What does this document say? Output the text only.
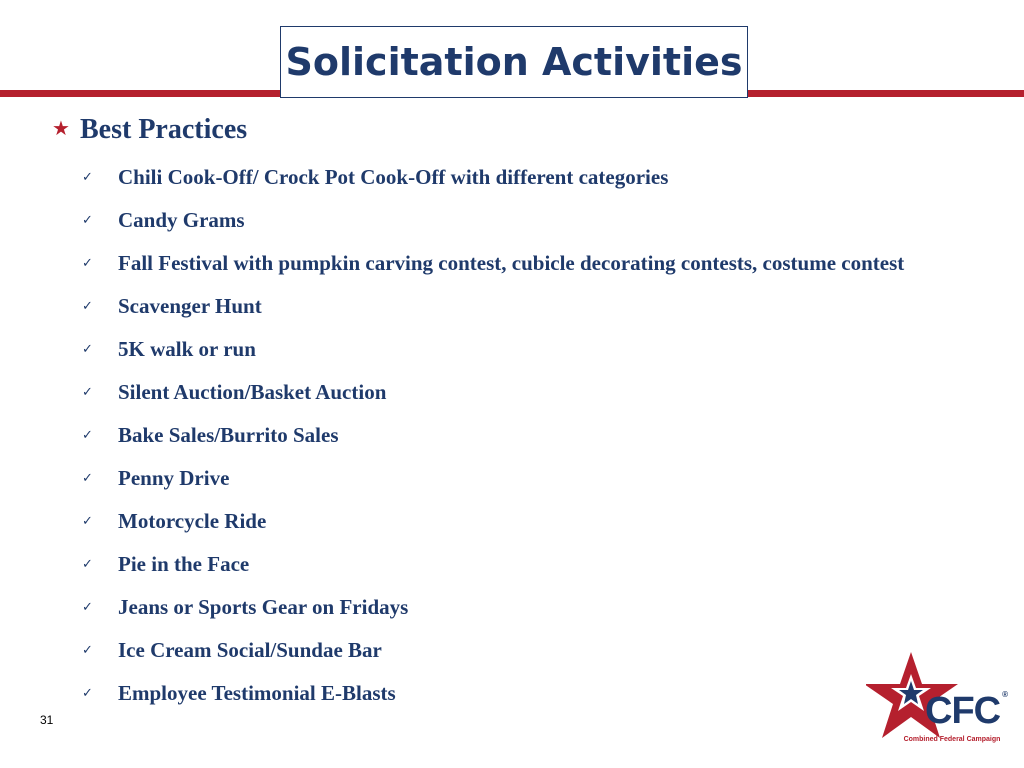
Solicitation Activities
★ Best Practices
✓	Chili Cook-Off/ Crock Pot Cook-Off with different categories
✓	Candy Grams
✓	Fall Festival with pumpkin carving contest, cubicle decorating contests, costume contest
✓	Scavenger Hunt
✓	5K walk or run
✓	Silent Auction/Basket Auction
✓	Bake Sales/Burrito Sales
✓	Penny Drive
✓	Motorcycle Ride
✓	Pie in the Face
✓	Jeans or Sports Gear on Fridays
✓	Ice Cream Social/Sundae Bar
✓	Employee Testimonial E-Blasts
31	CFC ®
Combined Federal Campaign
